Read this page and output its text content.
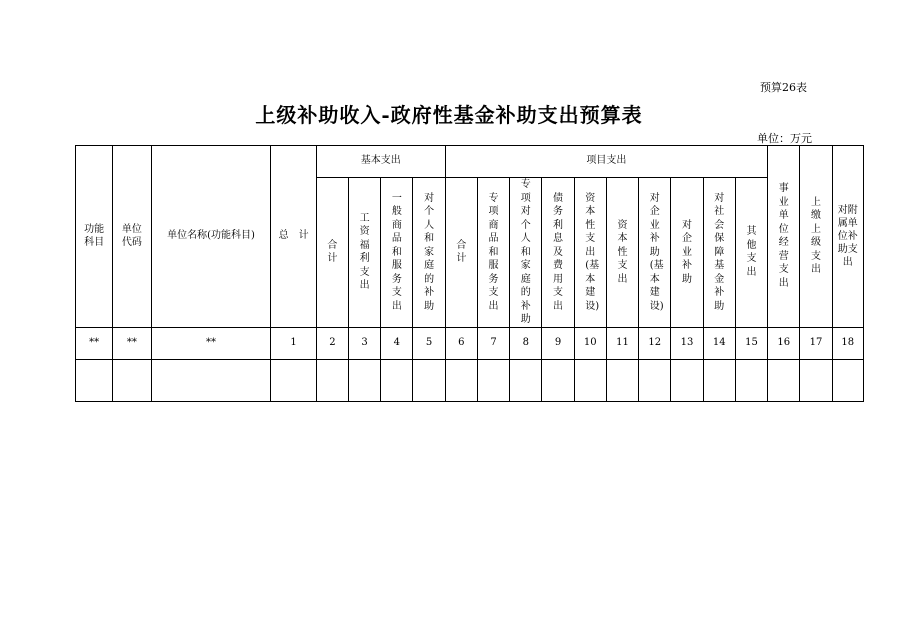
预算26表
上级补助收入-政府性基金补助支出预算表
单位：万元
功能科目	单位代码	单位名称(功能科目)	总　计	基本支出				项目支出										事业单位经营支出	上缴上级支出	对附属单位补助支出
				合计	工资福利支出	一般商品和服务支出	对个人和家庭的补助	合计	专项商品和服务支出	专项对个人和家庭的补助	债务利息及费用支出	资本性支出(基本建设)	资本性支出	对企业补助(基本建设)	对企业补助	对社会保障基金补助	其他支出			
**	**	**	1	2	3	4	5	6	7	8	9	10	11	12	13	14	15	16	17	18
